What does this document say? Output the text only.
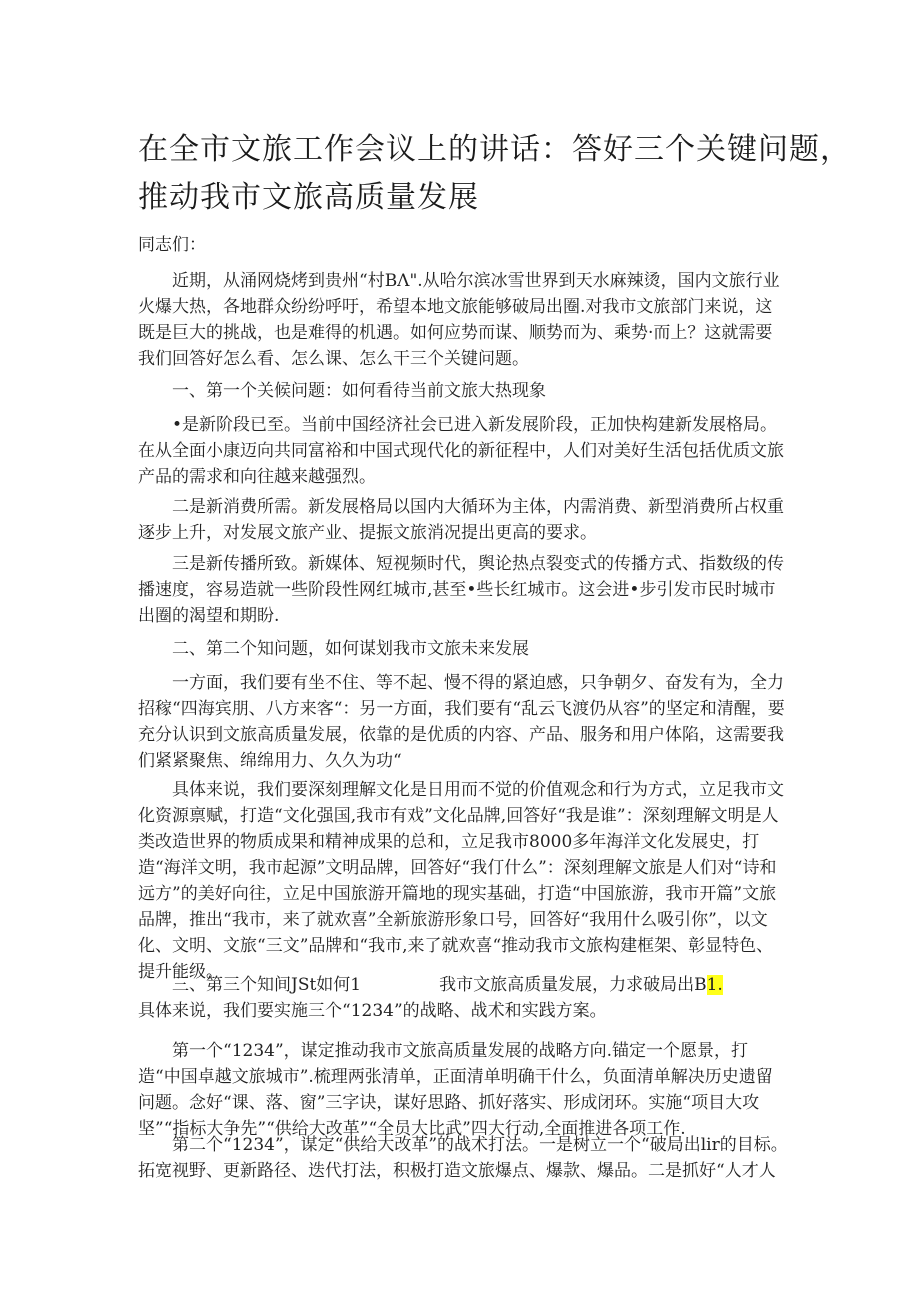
在全市文旅工作会议上的讲话：答好三个关键问题，
推动我市文旅高质量发展

同志们：

近期，从涌网烧烤到贵州“村BΛ".从哈尔滨冰雪世界到天水麻辣烫，国内文旅行业火爆大热，各地群众纷纷呼吁，希望本地文旅能够破局出圈.对我市文旅部门来说，这既是巨大的挑战，也是难得的机遇。如何应势而谋、顺势而为、乘势·而上？这就需要我们回答好怎么看、怎么课、怎么干三个关键问题。

一、第一个关候问题：如何看待当前文旅大热现象

•是新阶段已至。当前中国经济社会已进入新发展阶段，正加快构建新发展格局。在从全面小康迈向共同富裕和中国式现代化的新征程中，人们对美好生活包括优质文旅产品的需求和向往越来越强烈。

二是新消费所需。新发展格局以国内大循环为主体，内需消费、新型消费所占权重逐步上升，对发展文旅产业、提振文旅消况提出更高的要求。

三是新传播所致。新媒体、短视频时代，舆论热点裂变式的传播方式、指数级的传播速度，容易造就一些阶段性网红城市,甚至•些长红城市。这会进•步引发市民时城市出圈的渴望和期盼.

二、第二个知问题，如何谋划我市文旅未来发展

一方面，我们要有坐不住、等不起、慢不得的紧迫感，只争朝夕、奋发有为，全力招稼“四海宾朋、八方来客“：另一方面，我们要有“乱云飞渡仍从容”的坚定和清醒，要充分认识到文旅高质量发展，依靠的是优质的内容、产品、服务和用户体陷，这需要我们紧紧聚焦、绵绵用力、久久为功“

具体来说，我们要深刻理解文化是日用而不觉的价值观念和行为方式，立足我市文化资源禀赋，打造“文化强国,我市有戏”文化品牌,回答好“我是谁”：深刻理解文明是人类改造世界的物质成果和精神成果的总和，立足我市8000多年海洋文化发展史，打造“海洋文明，我市起源”文明品牌，回答好“我仃什么”：深刻理解文旅是人们对“诗和远方”的美好向往，立足中国旅游开篇地的现实基础，打造“中国旅游，我市开篇”文旅品牌，推出“我市，来了就欢喜”全新旅游形象口号，回答好“我用什么吸引你”，以文化、文明、文旅“三文”品牌和“我市,来了就欢喜“推动我市文旅构建框架、彰显特色、提升能级。

三、第三个知间JSt如何1	我市文旅高质量发展，力求破局出B1.

具体来说，我们要实施三个“1234”的战略、战术和实践方案。

第一个“1234”，谋定推动我市文旅高质量发展的战略方向.锚定一个愿景，打造“中国卓越文旅城市”.梳理两张清单，正面清单明确干什么，负面清单解决历史遗留问题。念好“课、落、窗”三字诀，谋好思路、抓好落实、形成闭环。实施“项目大攻坚”“指标大争先”“供给大改革”“全员大比武”四大行动,全面推进各项工作.

第二个“1234”，谋定“供给大改革”的战术打法。一是树立一个“破局出lir的目标。拓宽视野、更新路径、迭代打法，积极打造文旅爆点、爆款、爆品。二是抓好“人才人
